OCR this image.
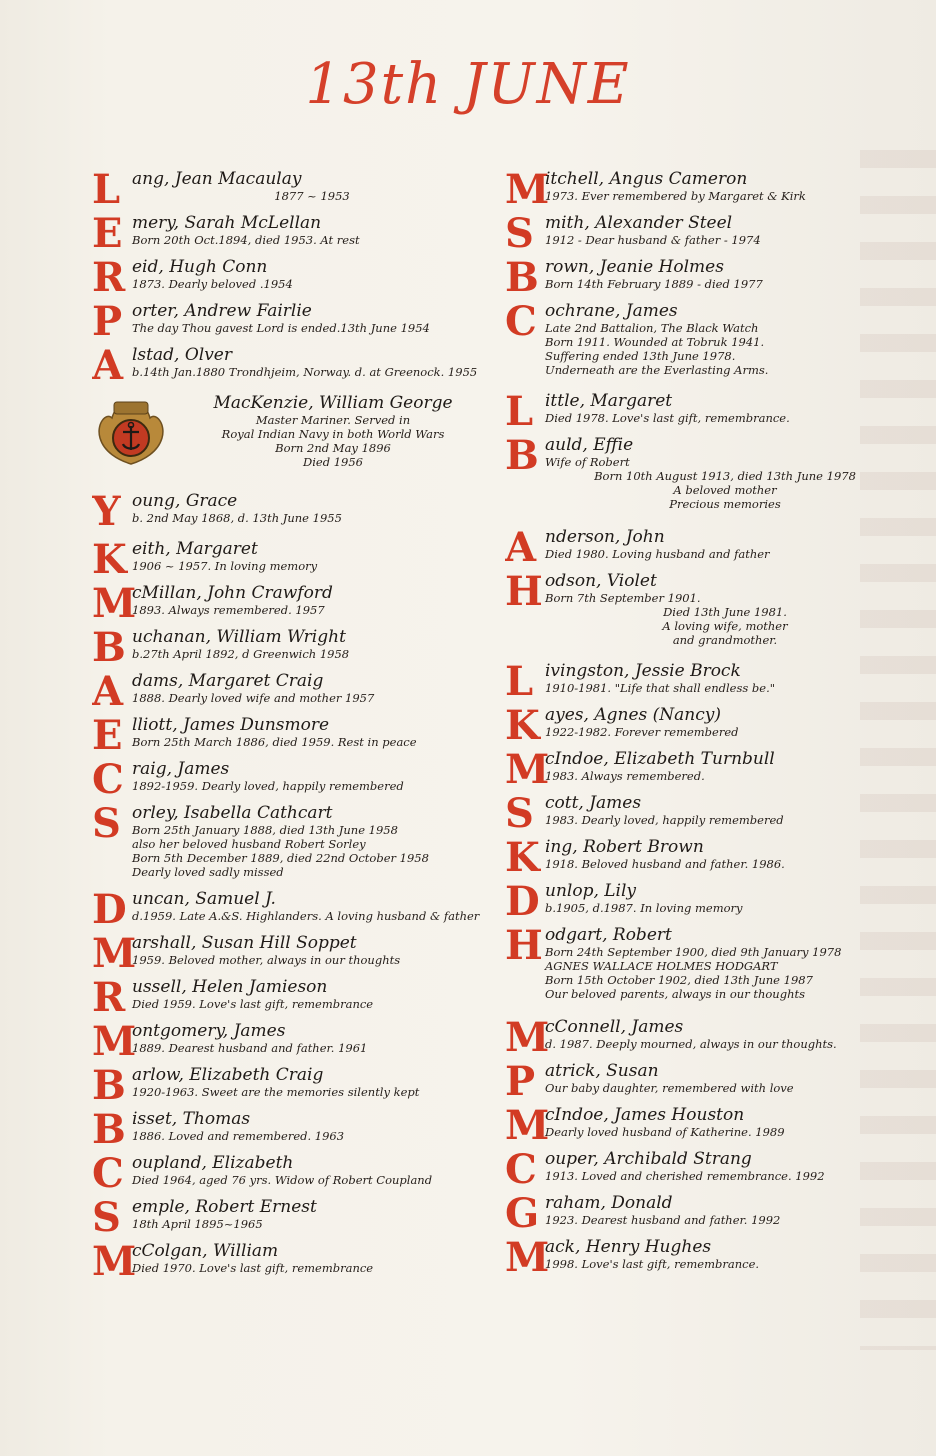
13th JUNE
L ang, Jean Macaulay
1877 ~ 1953
E mery, Sarah McLellan
Born 20th Oct.1894, died 1953. At rest
R eid, Hugh Conn
1873. Dearly beloved .1954
P orter, Andrew Fairlie
The day Thou gavest Lord is ended.13th June 1954
A lstad, Olver
b.14th Jan.1880 Trondhjeim, Norway. d. at Greenock. 1955
MacKenzie, William George
Master Mariner. Served in
Royal Indian Navy in both World Wars
Born 2nd May 1896
Died 1956
Y oung, Grace
b. 2nd May 1868, d. 13th June 1955
K eith, Margaret
1906 ~ 1957. In loving memory
M
cMillan, John Crawford
1893. Always remembered. 1957
B uchanan, William Wright
b.27th April 1892, d Greenwich 1958
A dams, Margaret Craig
1888. Dearly loved wife and mother 1957
E lliott, James Dunsmore
Born 25th March 1886, died 1959. Rest in peace
C raig, James
1892-1959. Dearly loved, happily remembered
S orley, Isabella Cathcart
Born 25th January 1888, died 13th June 1958
also her beloved husband Robert Sorley
Born 5th December 1889, died 22nd October 1958
Dearly loved sadly missed
D uncan, Samuel J.
d.1959. Late A.&S. Highlanders. A loving husband & father
M
arshall, Susan Hill Soppet
1959. Beloved mother, always in our thoughts
R ussell, Helen Jamieson
Died 1959. Love's last gift, remembrance
M
ontgomery, James
1889. Dearest husband and father. 1961
B arlow, Elizabeth Craig
1920-1963. Sweet are the memories silently kept
B isset, Thomas
1886. Loved and remembered. 1963
C oupland, Elizabeth
Died 1964, aged 76 yrs. Widow of Robert Coupland
S emple, Robert Ernest
18th April 1895~1965
M
cColgan, William
Died 1970. Love's last gift, remembrance
M
itchell, Angus Cameron
1973. Ever remembered by Margaret & Kirk
S mith, Alexander Steel
1912 - Dear husband & father - 1974
B rown, Jeanie Holmes
Born 14th February 1889 - died 1977
C ochrane, James
Late 2nd Battalion, The Black Watch
Born 1911. Wounded at Tobruk 1941.
Suffering ended 13th June 1978.
Underneath are the Everlasting Arms.
L ittle, Margaret
Died 1978. Love's last gift, remembrance.
B auld, Effie
Wife of Robert
Born 10th August 1913, died 13th June 1978
A beloved mother
Precious memories
A nderson, John
Died 1980. Loving husband and father
H odson, Violet
Born 7th September 1901.
Died 13th June 1981.
A loving wife, mother
and grandmother.
L ivingston, Jessie Brock
1910-1981. "Life that shall endless be."
K ayes, Agnes (Nancy)
1922-1982. Forever remembered
M
cIndoe, Elizabeth Turnbull
1983. Always remembered.
S cott, James
1983. Dearly loved, happily remembered
K ing, Robert Brown
1918. Beloved husband and father. 1986.
D unlop, Lily
b.1905, d.1987. In loving memory
H odgart, Robert
Born 24th September 1900, died 9th January 1978
AGNES WALLACE HOLMES HODGART
Born 15th October 1902, died 13th June 1987
Our beloved parents, always in our thoughts
M
cConnell, James
d. 1987. Deeply mourned, always in our thoughts.
P atrick, Susan
Our baby daughter, remembered with love
M
cIndoe, James Houston
Dearly loved husband of Katherine. 1989
C ouper, Archibald Strang
1913. Loved and cherished remembrance. 1992
G raham, Donald
1923. Dearest husband and father. 1992
M
ack, Henry Hughes
1998. Love's last gift, remembrance.
